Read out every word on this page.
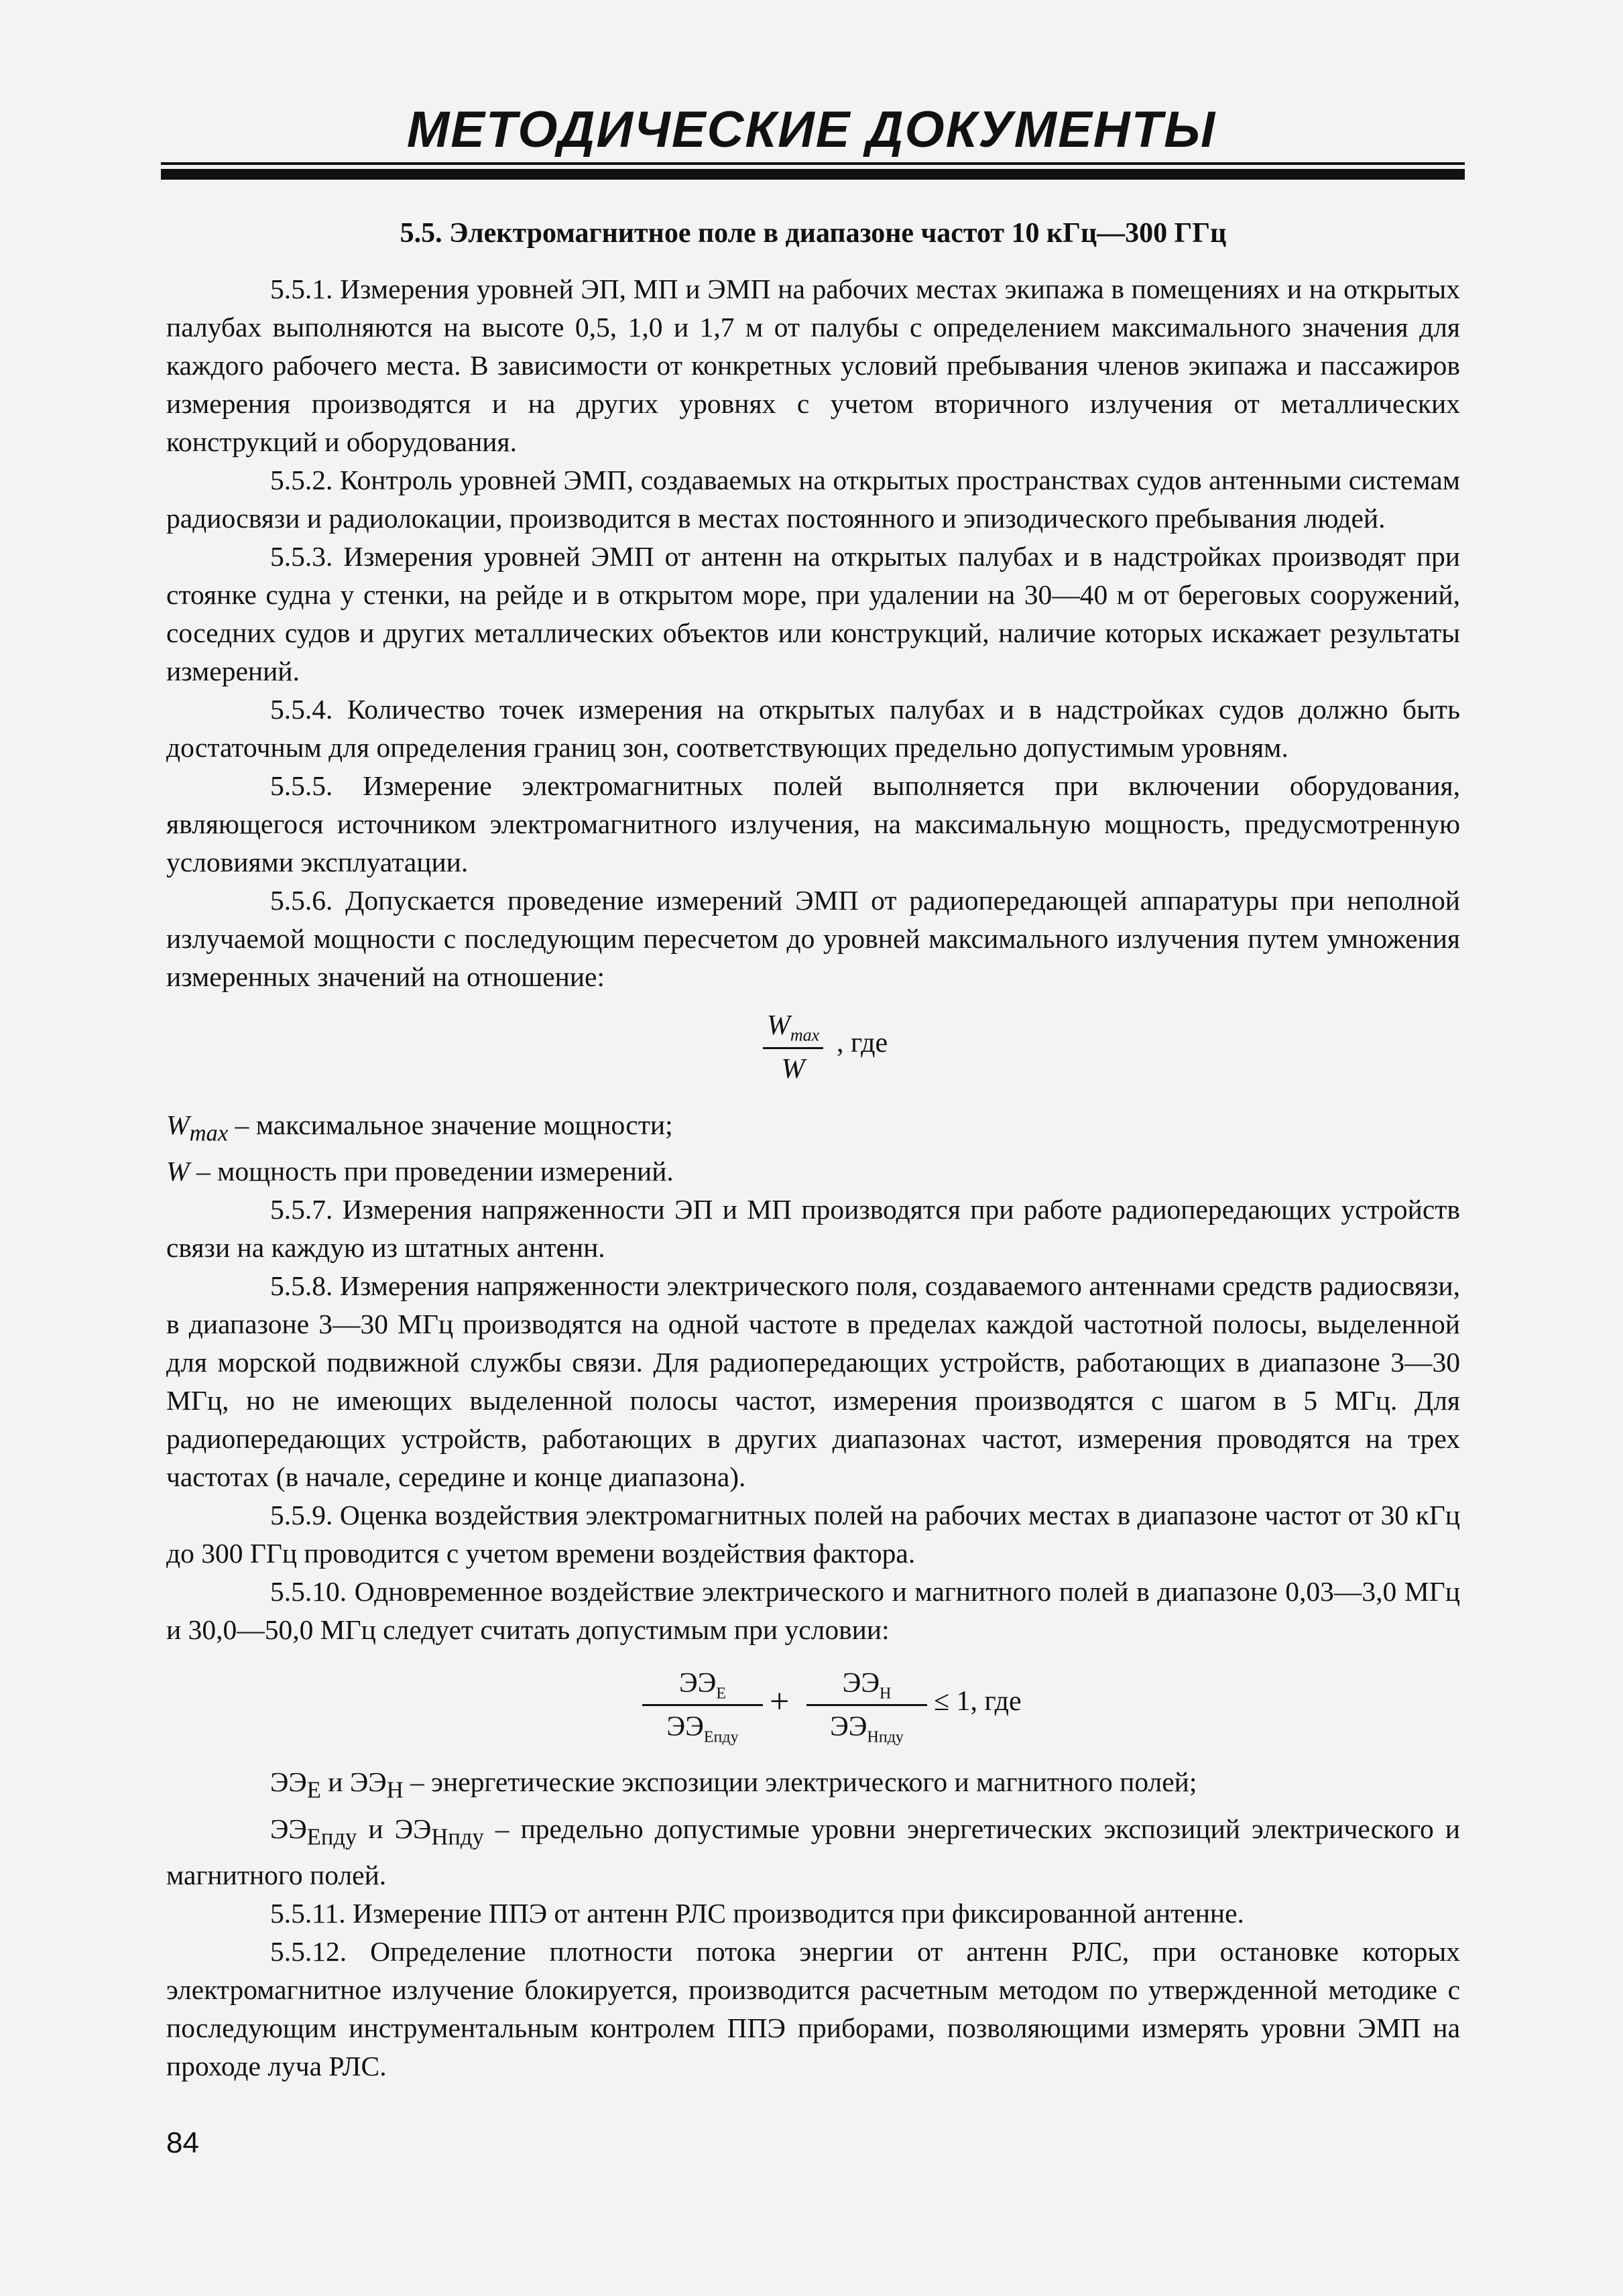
МЕТОДИЧЕСКИЕ ДОКУМЕНТЫ

5.5. Электромагнитное поле в диапазоне частот 10 кГц—300 ГГц

5.5.1. Измерения уровней ЭП, МП и ЭМП на рабочих местах экипажа в помещениях и на открытых палубах выполняются на высоте 0,5, 1,0 и 1,7 м от палубы с определением максимального значения для каждого рабочего места. В зависимости от конкретных условий пребывания членов экипажа и пассажиров измерения производятся и на других уровнях с учетом вторичного излучения от металлических конструкций и оборудования.

5.5.2. Контроль уровней ЭМП, создаваемых на открытых пространствах судов антенными системам радиосвязи и радиолокации, производится в местах постоянного и эпизодического пребывания людей.

5.5.3. Измерения уровней ЭМП от антенн на открытых палубах и в надстройках производят при стоянке судна у стенки, на рейде и в открытом море, при удалении на 30—40 м от береговых сооружений, соседних судов и других металлических объектов или конструкций, наличие которых искажает результаты измерений.

5.5.4. Количество точек измерения на открытых палубах и в надстройках судов должно быть достаточным для определения границ зон, соответствующих предельно допустимым уровням.

5.5.5. Измерение электромагнитных полей выполняется при включении оборудования, являющегося источником электромагнитного излучения, на максимальную мощность, предусмотренную условиями эксплуатации.

5.5.6. Допускается проведение измерений ЭМП от радиопередающей аппаратуры при неполной излучаемой мощности с последующим пересчетом до уровней максимального излучения путем умножения измеренных значений на отношение:

$W_{max}$
W
, где

$W_{max}$ – максимальное значение мощности;

W – мощность при проведении измерений.

5.5.7. Измерения напряженности ЭП и МП производятся при работе радиопередающих устройств связи на каждую из штатных антенн.

5.5.8. Измерения напряженности электрического поля, создаваемого антеннами средств радиосвязи, в диапазоне 3—30 МГц производятся на одной частоте в пределах каждой частотной полосы, выделенной для морской подвижной службы связи. Для радиопередающих устройств, работающих в диапазоне 3—30 МГц, но не имеющих выделенной полосы частот, измерения производятся с шагом в 5 МГц. Для радиопередающих устройств, работающих в других диапазонах частот, измерения проводятся на трех частотах (в начале, середине и конце диапазона).

5.5.9. Оценка воздействия электромагнитных полей на рабочих местах в диапазоне частот от 30 кГц до 300 ГГц проводится с учетом времени воздействия фактора.

5.5.10. Одновременное воздействие электрического и магнитного полей в диапазоне 0,03—3,0 МГц и 30,0—50,0 МГц следует считать допустимым при условии:

$ЭЭ_Е$
$ЭЭ_{Епду}$
+	$ЭЭ_Н$
$ЭЭ_{Нпду}$
≤ 1, где

$ЭЭ_Е$ и $ЭЭ_Н$ – энергетические экспозиции электрического и магнитного полей;

$ЭЭ_{Епду}$ и $ЭЭ_{Нпду}$ – предельно допустимые уровни энергетических экспозиций электрического и магнитного полей.

5.5.11. Измерение ППЭ от антенн РЛС производится при фиксированной антенне.

5.5.12. Определение плотности потока энергии от антенн РЛС, при остановке которых электромагнитное излучение блокируется, производится расчетным методом по утвержденной методике с последующим инструментальным контролем ППЭ приборами, позволяющими измерять уровни ЭМП на проходе луча РЛС.

84
